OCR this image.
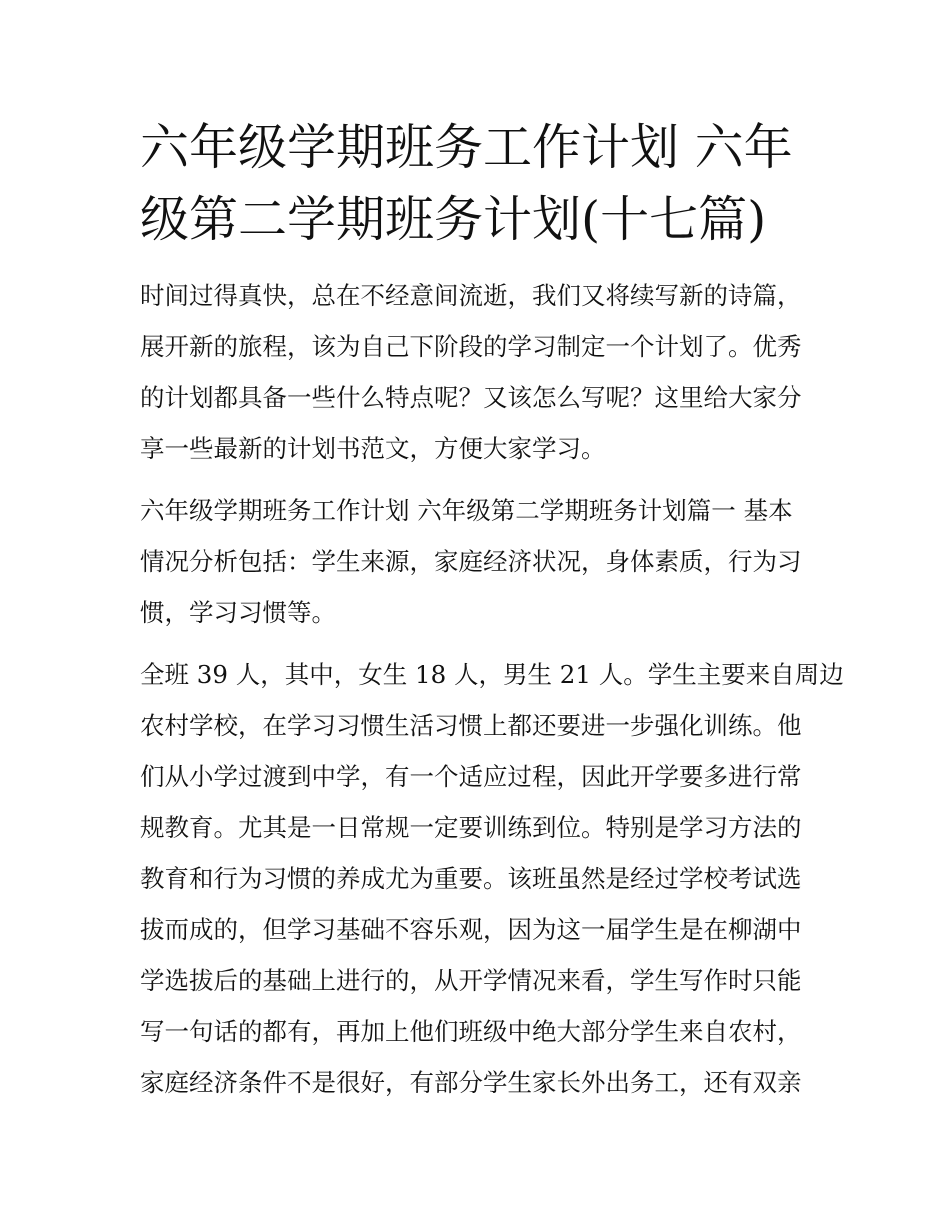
六年级学期班务工作计划 六年
级第二学期班务计划(十七篇)

时间过得真快，总在不经意间流逝，我们又将续写新的诗篇，
展开新的旅程，该为自己下阶段的学习制定一个计划了。优秀
的计划都具备一些什么特点呢？又该怎么写呢？这里给大家分
享一些最新的计划书范文，方便大家学习。

六年级学期班务工作计划 六年级第二学期班务计划篇一 基本
情况分析包括：学生来源，家庭经济状况，身体素质，行为习
惯，学习习惯等。

全班 39 人，其中，女生 18 人，男生 21 人。学生主要来自周边
农村学校，在学习习惯生活习惯上都还要进一步强化训练。他
们从小学过渡到中学，有一个适应过程，因此开学要多进行常
规教育。尤其是一日常规一定要训练到位。特别是学习方法的
教育和行为习惯的养成尤为重要。该班虽然是经过学校考试选
拔而成的，但学习基础不容乐观，因为这一届学生是在柳湖中
学选拔后的基础上进行的，从开学情况来看，学生写作时只能
写一句话的都有，再加上他们班级中绝大部分学生来自农村，
家庭经济条件不是很好，有部分学生家长外出务工，还有双亲
